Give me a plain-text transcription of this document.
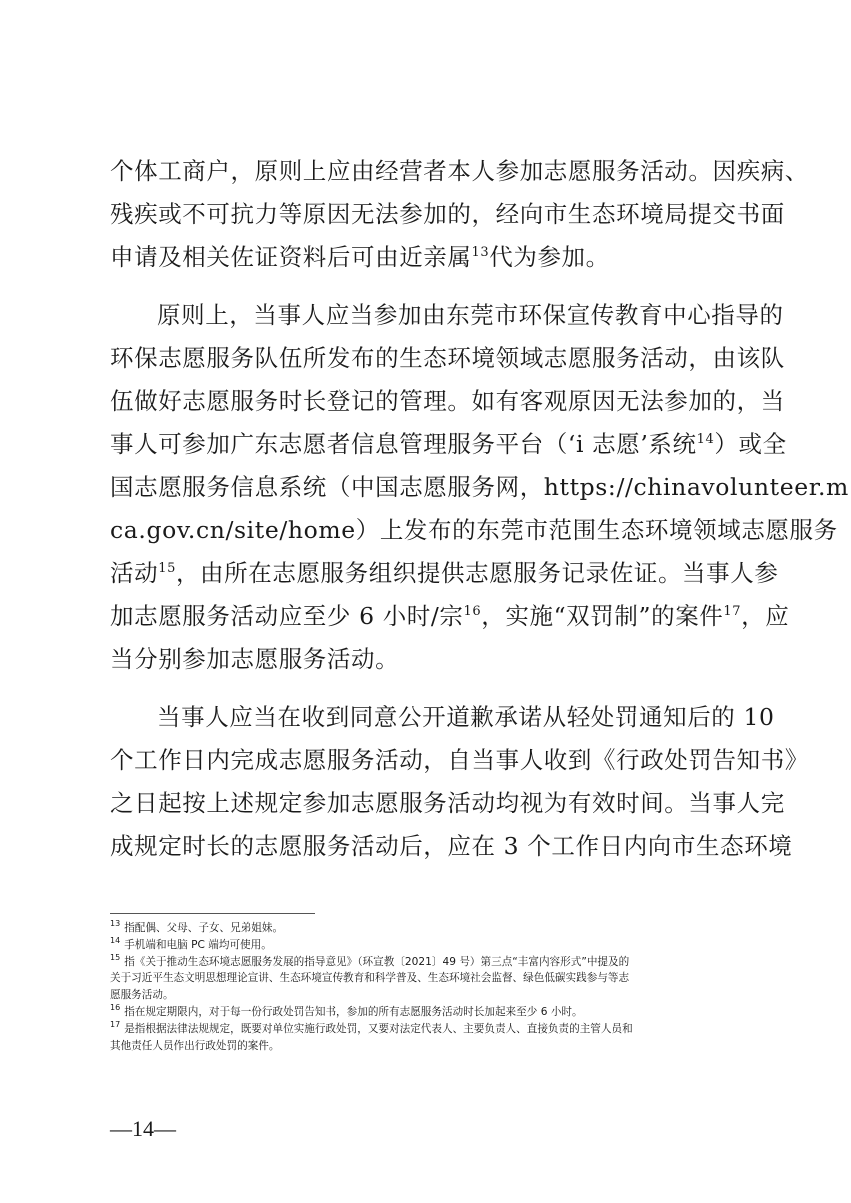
个体工商户，原则上应由经营者本人参加志愿服务活动。因疾病、
残疾或不可抗力等原因无法参加的，经向市生态环境局提交书面
申请及相关佐证资料后可由近亲属$^{13}$代为参加。
原则上，当事人应当参加由东莞市环保宣传教育中心指导的
环保志愿服务队伍所发布的生态环境领域志愿服务活动，由该队
伍做好志愿服务时长登记的管理。如有客观原因无法参加的，当
事人可参加广东志愿者信息管理服务平台（‘i 志愿’系统$^{14}$）或全
国志愿服务信息系统（中国志愿服务网，https://chinavolunteer.m
ca.gov.cn/site/home）上发布的东莞市范围生态环境领域志愿服务
活动$^{15}$，由所在志愿服务组织提供志愿服务记录佐证。当事人参
加志愿服务活动应至少 6 小时/宗$^{16}$，实施“双罚制”的案件$^{17}$，应
当分别参加志愿服务活动。
当事人应当在收到同意公开道歉承诺从轻处罚通知后的 10
个工作日内完成志愿服务活动，自当事人收到《行政处罚告知书》
之日起按上述规定参加志愿服务活动均视为有效时间。当事人完
成规定时长的志愿服务活动后，应在 3 个工作日内向市生态环境
$^{13}$ 指配偶、父母、子女、兄弟姐妹。
$^{14}$ 手机端和电脑 PC 端均可使用。
$^{15}$ 指《关于推动生态环境志愿服务发展的指导意见》（环宣教〔2021〕49 号）第三点“丰富内容形式”中提及的
关于习近平生态文明思想理论宣讲、生态环境宣传教育和科学普及、生态环境社会监督、绿色低碳实践参与等志
愿服务活动。
$^{16}$ 指在规定期限内，对于每一份行政处罚告知书，参加的所有志愿服务活动时长加起来至少 6 小时。
$^{17}$ 是指根据法律法规规定，既要对单位实施行政处罚，又要对法定代表人、主要负责人、直接负责的主管人员和
其他责任人员作出行政处罚的案件。
—14—
